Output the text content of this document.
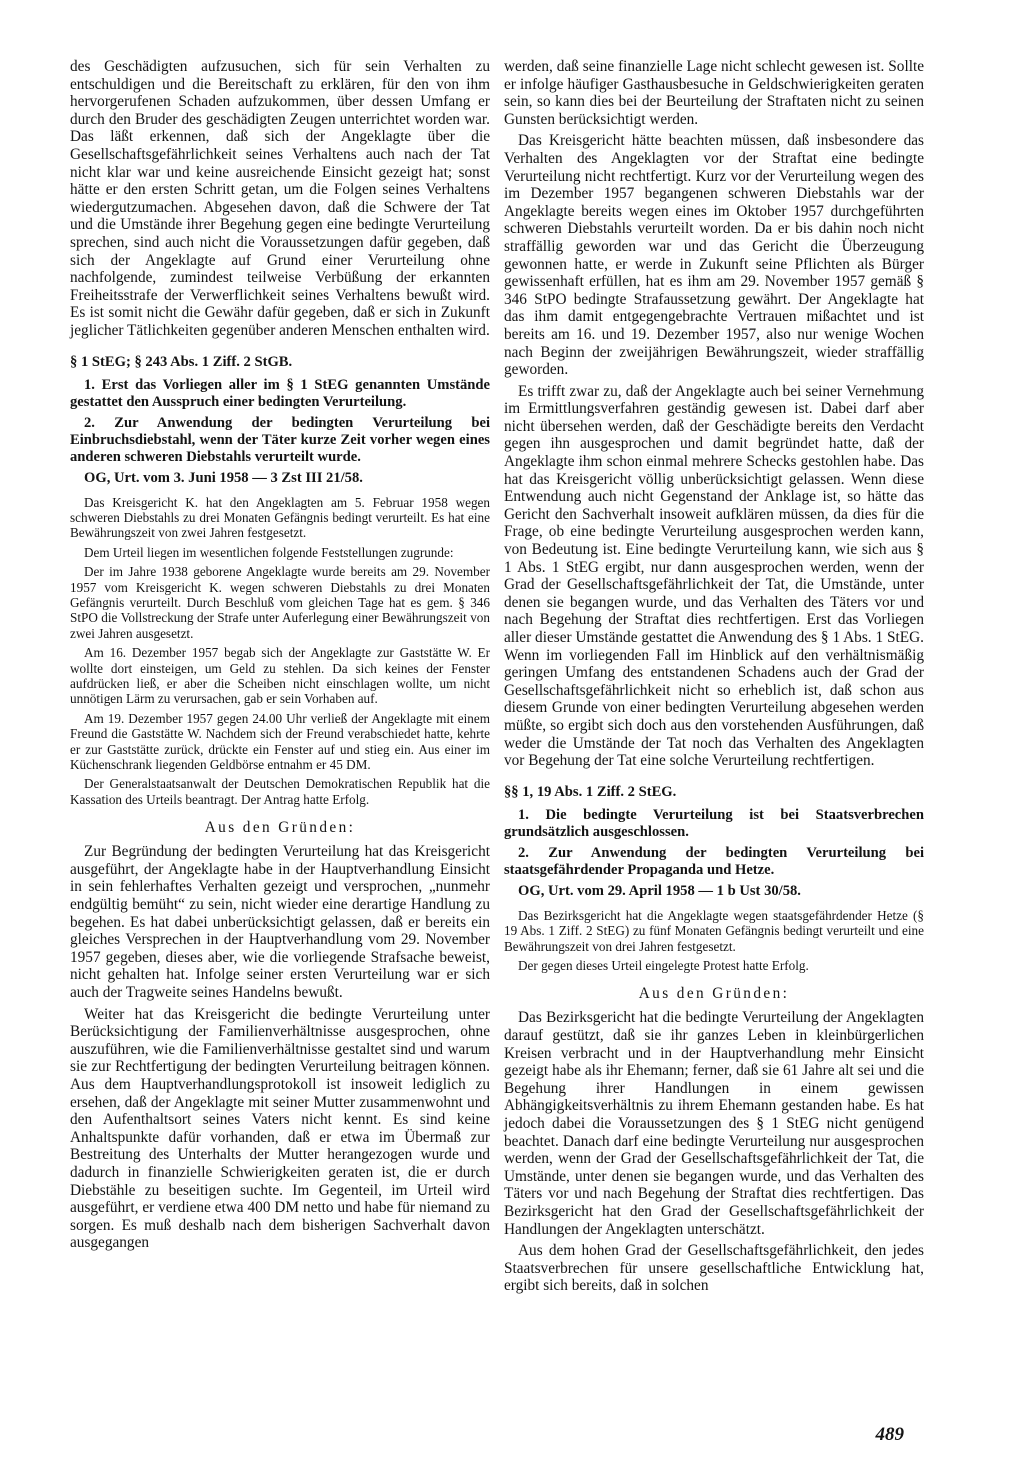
des Geschädigten aufzusuchen, sich für sein Verhalten zu entschuldigen und die Bereitschaft zu erklären, für den von ihm hervorgerufenen Schaden aufzukommen, über dessen Umfang er durch den Bruder des geschädigten Zeugen unterrichtet worden war. Das läßt erkennen, daß sich der Angeklagte über die Gesellschaftsgefährlichkeit seines Verhaltens auch nach der Tat nicht klar war und keine ausreichende Einsicht gezeigt hat; sonst hätte er den ersten Schritt getan, um die Folgen seines Verhaltens wiedergutzumachen. Abgesehen davon, daß die Schwere der Tat und die Umstände ihrer Begehung gegen eine bedingte Verurteilung sprechen, sind auch nicht die Voraussetzungen dafür gegeben, daß sich der Angeklagte auf Grund einer Verurteilung ohne nachfolgende, zumindest teilweise Verbüßung der erkannten Freiheitsstrafe der Verwerflichkeit seines Verhaltens bewußt wird. Es ist somit nicht die Gewähr dafür gegeben, daß er sich in Zukunft jeglicher Tätlichkeiten gegenüber anderen Menschen enthalten wird.

§ 1 StEG; § 243 Abs. 1 Ziff. 2 StGB.

1. Erst das Vorliegen aller im § 1 StEG genannten Umstände gestattet den Ausspruch einer bedingten Verurteilung.

2. Zur Anwendung der bedingten Verurteilung bei Einbruchsdiebstahl, wenn der Täter kurze Zeit vorher wegen eines anderen schweren Diebstahls verurteilt wurde.

OG, Urt. vom 3. Juni 1958 — 3 Zst III 21/58.

Das Kreisgericht K. hat den Angeklagten am 5. Februar 1958 wegen schweren Diebstahls zu drei Monaten Gefängnis bedingt verurteilt. Es hat eine Bewährungszeit von zwei Jahren festgesetzt.

Dem Urteil liegen im wesentlichen folgende Feststellungen zugrunde:

Der im Jahre 1938 geborene Angeklagte wurde bereits am 29. November 1957 vom Kreisgericht K. wegen schweren Diebstahls zu drei Monaten Gefängnis verurteilt. Durch Beschluß vom gleichen Tage hat es gem. § 346 StPO die Vollstreckung der Strafe unter Auferlegung einer Bewährungszeit von zwei Jahren ausgesetzt.

Am 16. Dezember 1957 begab sich der Angeklagte zur Gaststätte W. Er wollte dort einsteigen, um Geld zu stehlen. Da sich keines der Fenster aufdrücken ließ, er aber die Scheiben nicht einschlagen wollte, um nicht unnötigen Lärm zu verursachen, gab er sein Vorhaben auf.

Am 19. Dezember 1957 gegen 24.00 Uhr verließ der Angeklagte mit einem Freund die Gaststätte W. Nachdem sich der Freund verabschiedet hatte, kehrte er zur Gaststätte zurück, drückte ein Fenster auf und stieg ein. Aus einer im Küchenschrank liegenden Geldbörse entnahm er 45 DM.

Der Generalstaatsanwalt der Deutschen Demokratischen Republik hat die Kassation des Urteils beantragt. Der Antrag hatte Erfolg.

Aus den Gründen:

Zur Begründung der bedingten Verurteilung hat das Kreisgericht ausgeführt, der Angeklagte habe in der Hauptverhandlung Einsicht in sein fehlerhaftes Verhalten gezeigt und versprochen, „nunmehr endgültig bemüht“ zu sein, nicht wieder eine derartige Handlung zu begehen. Es hat dabei unberücksichtigt gelassen, daß er bereits ein gleiches Versprechen in der Hauptverhandlung vom 29. November 1957 gegeben, dieses aber, wie die vorliegende Strafsache beweist, nicht gehalten hat. Infolge seiner ersten Verurteilung war er sich auch der Tragweite seines Handelns bewußt.

Weiter hat das Kreisgericht die bedingte Verurteilung unter Berücksichtigung der Familienverhältnisse ausgesprochen, ohne auszuführen, wie die Familienverhältnisse gestaltet sind und warum sie zur Rechtfertigung der bedingten Verurteilung beitragen können. Aus dem Hauptverhandlungsprotokoll ist insoweit lediglich zu ersehen, daß der Angeklagte mit seiner Mutter zusammenwohnt und den Aufenthaltsort seines Vaters nicht kennt. Es sind keine Anhaltspunkte dafür vorhanden, daß er etwa im Übermaß zur Bestreitung des Unterhalts der Mutter herangezogen wurde und dadurch in finanzielle Schwierigkeiten geraten ist, die er durch Diebstähle zu beseitigen suchte. Im Gegenteil, im Urteil wird ausgeführt, er verdiene etwa 400 DM netto und habe für niemand zu sorgen. Es muß deshalb nach dem bisherigen Sachverhalt davon ausgegangen

werden, daß seine finanzielle Lage nicht schlecht gewesen ist. Sollte er infolge häufiger Gasthausbesuche in Geldschwierigkeiten geraten sein, so kann dies bei der Beurteilung der Straftaten nicht zu seinen Gunsten berücksichtigt werden.

Das Kreisgericht hätte beachten müssen, daß insbesondere das Verhalten des Angeklagten vor der Straftat eine bedingte Verurteilung nicht rechtfertigt. Kurz vor der Verurteilung wegen des im Dezember 1957 begangenen schweren Diebstahls war der Angeklagte bereits wegen eines im Oktober 1957 durchgeführten schweren Diebstahls verurteilt worden. Da er bis dahin noch nicht straffällig geworden war und das Gericht die Überzeugung gewonnen hatte, er werde in Zukunft seine Pflichten als Bürger gewissenhaft erfüllen, hat es ihm am 29. November 1957 gemäß § 346 StPO bedingte Strafaussetzung gewährt. Der Angeklagte hat das ihm damit entgegengebrachte Vertrauen mißachtet und ist bereits am 16. und 19. Dezember 1957, also nur wenige Wochen nach Beginn der zweijährigen Bewährungszeit, wieder straffällig geworden.

Es trifft zwar zu, daß der Angeklagte auch bei seiner Vernehmung im Ermittlungsverfahren geständig gewesen ist. Dabei darf aber nicht übersehen werden, daß der Geschädigte bereits den Verdacht gegen ihn ausgesprochen und damit begründet hatte, daß der Angeklagte ihm schon einmal mehrere Schecks gestohlen habe. Das hat das Kreisgericht völlig unberücksichtigt gelassen. Wenn diese Entwendung auch nicht Gegenstand der Anklage ist, so hätte das Gericht den Sachverhalt insoweit aufklären müssen, da dies für die Frage, ob eine bedingte Verurteilung ausgesprochen werden kann, von Bedeutung ist. Eine bedingte Verurteilung kann, wie sich aus § 1 Abs. 1 StEG ergibt, nur dann ausgesprochen werden, wenn der Grad der Gesellschaftsgefährlichkeit der Tat, die Umstände, unter denen sie begangen wurde, und das Verhalten des Täters vor und nach Begehung der Straftat dies rechtfertigen. Erst das Vorliegen aller dieser Umstände gestattet die Anwendung des § 1 Abs. 1 StEG. Wenn im vorliegenden Fall im Hinblick auf den verhältnismäßig geringen Umfang des entstandenen Schadens auch der Grad der Gesellschaftsgefährlichkeit nicht so erheblich ist, daß schon aus diesem Grunde von einer bedingten Verurteilung abgesehen werden müßte, so ergibt sich doch aus den vorstehenden Ausführungen, daß weder die Umstände der Tat noch das Verhalten des Angeklagten vor Begehung der Tat eine solche Verurteilung rechtfertigen.

§§ 1, 19 Abs. 1 Ziff. 2 StEG.

1. Die bedingte Verurteilung ist bei Staatsverbrechen grundsätzlich ausgeschlossen.

2. Zur Anwendung der bedingten Verurteilung bei staatsgefährdender Propaganda und Hetze.

OG, Urt. vom 29. April 1958 — 1 b Ust 30/58.

Das Bezirksgericht hat die Angeklagte wegen staatsgefährdender Hetze (§ 19 Abs. 1 Ziff. 2 StEG) zu fünf Monaten Gefängnis bedingt verurteilt und eine Bewährungszeit von drei Jahren festgesetzt.

Der gegen dieses Urteil eingelegte Protest hatte Erfolg.

Aus den Gründen:

Das Bezirksgericht hat die bedingte Verurteilung der Angeklagten darauf gestützt, daß sie ihr ganzes Leben in kleinbürgerlichen Kreisen verbracht und in der Hauptverhandlung mehr Einsicht gezeigt habe als ihr Ehemann; ferner, daß sie 61 Jahre alt sei und die Begehung ihrer Handlungen in einem gewissen Abhängigkeitsverhältnis zu ihrem Ehemann gestanden habe. Es hat jedoch dabei die Voraussetzungen des § 1 StEG nicht genügend beachtet. Danach darf eine bedingte Verurteilung nur ausgesprochen werden, wenn der Grad der Gesellschaftsgefährlichkeit der Tat, die Umstände, unter denen sie begangen wurde, und das Verhalten des Täters vor und nach Begehung der Straftat dies rechtfertigen. Das Bezirksgericht hat den Grad der Gesellschaftsgefährlichkeit der Handlungen der Angeklagten unterschätzt.

Aus dem hohen Grad der Gesellschaftsgefährlichkeit, den jedes Staatsverbrechen für unsere gesellschaftliche Entwicklung hat, ergibt sich bereits, daß in solchen

489
